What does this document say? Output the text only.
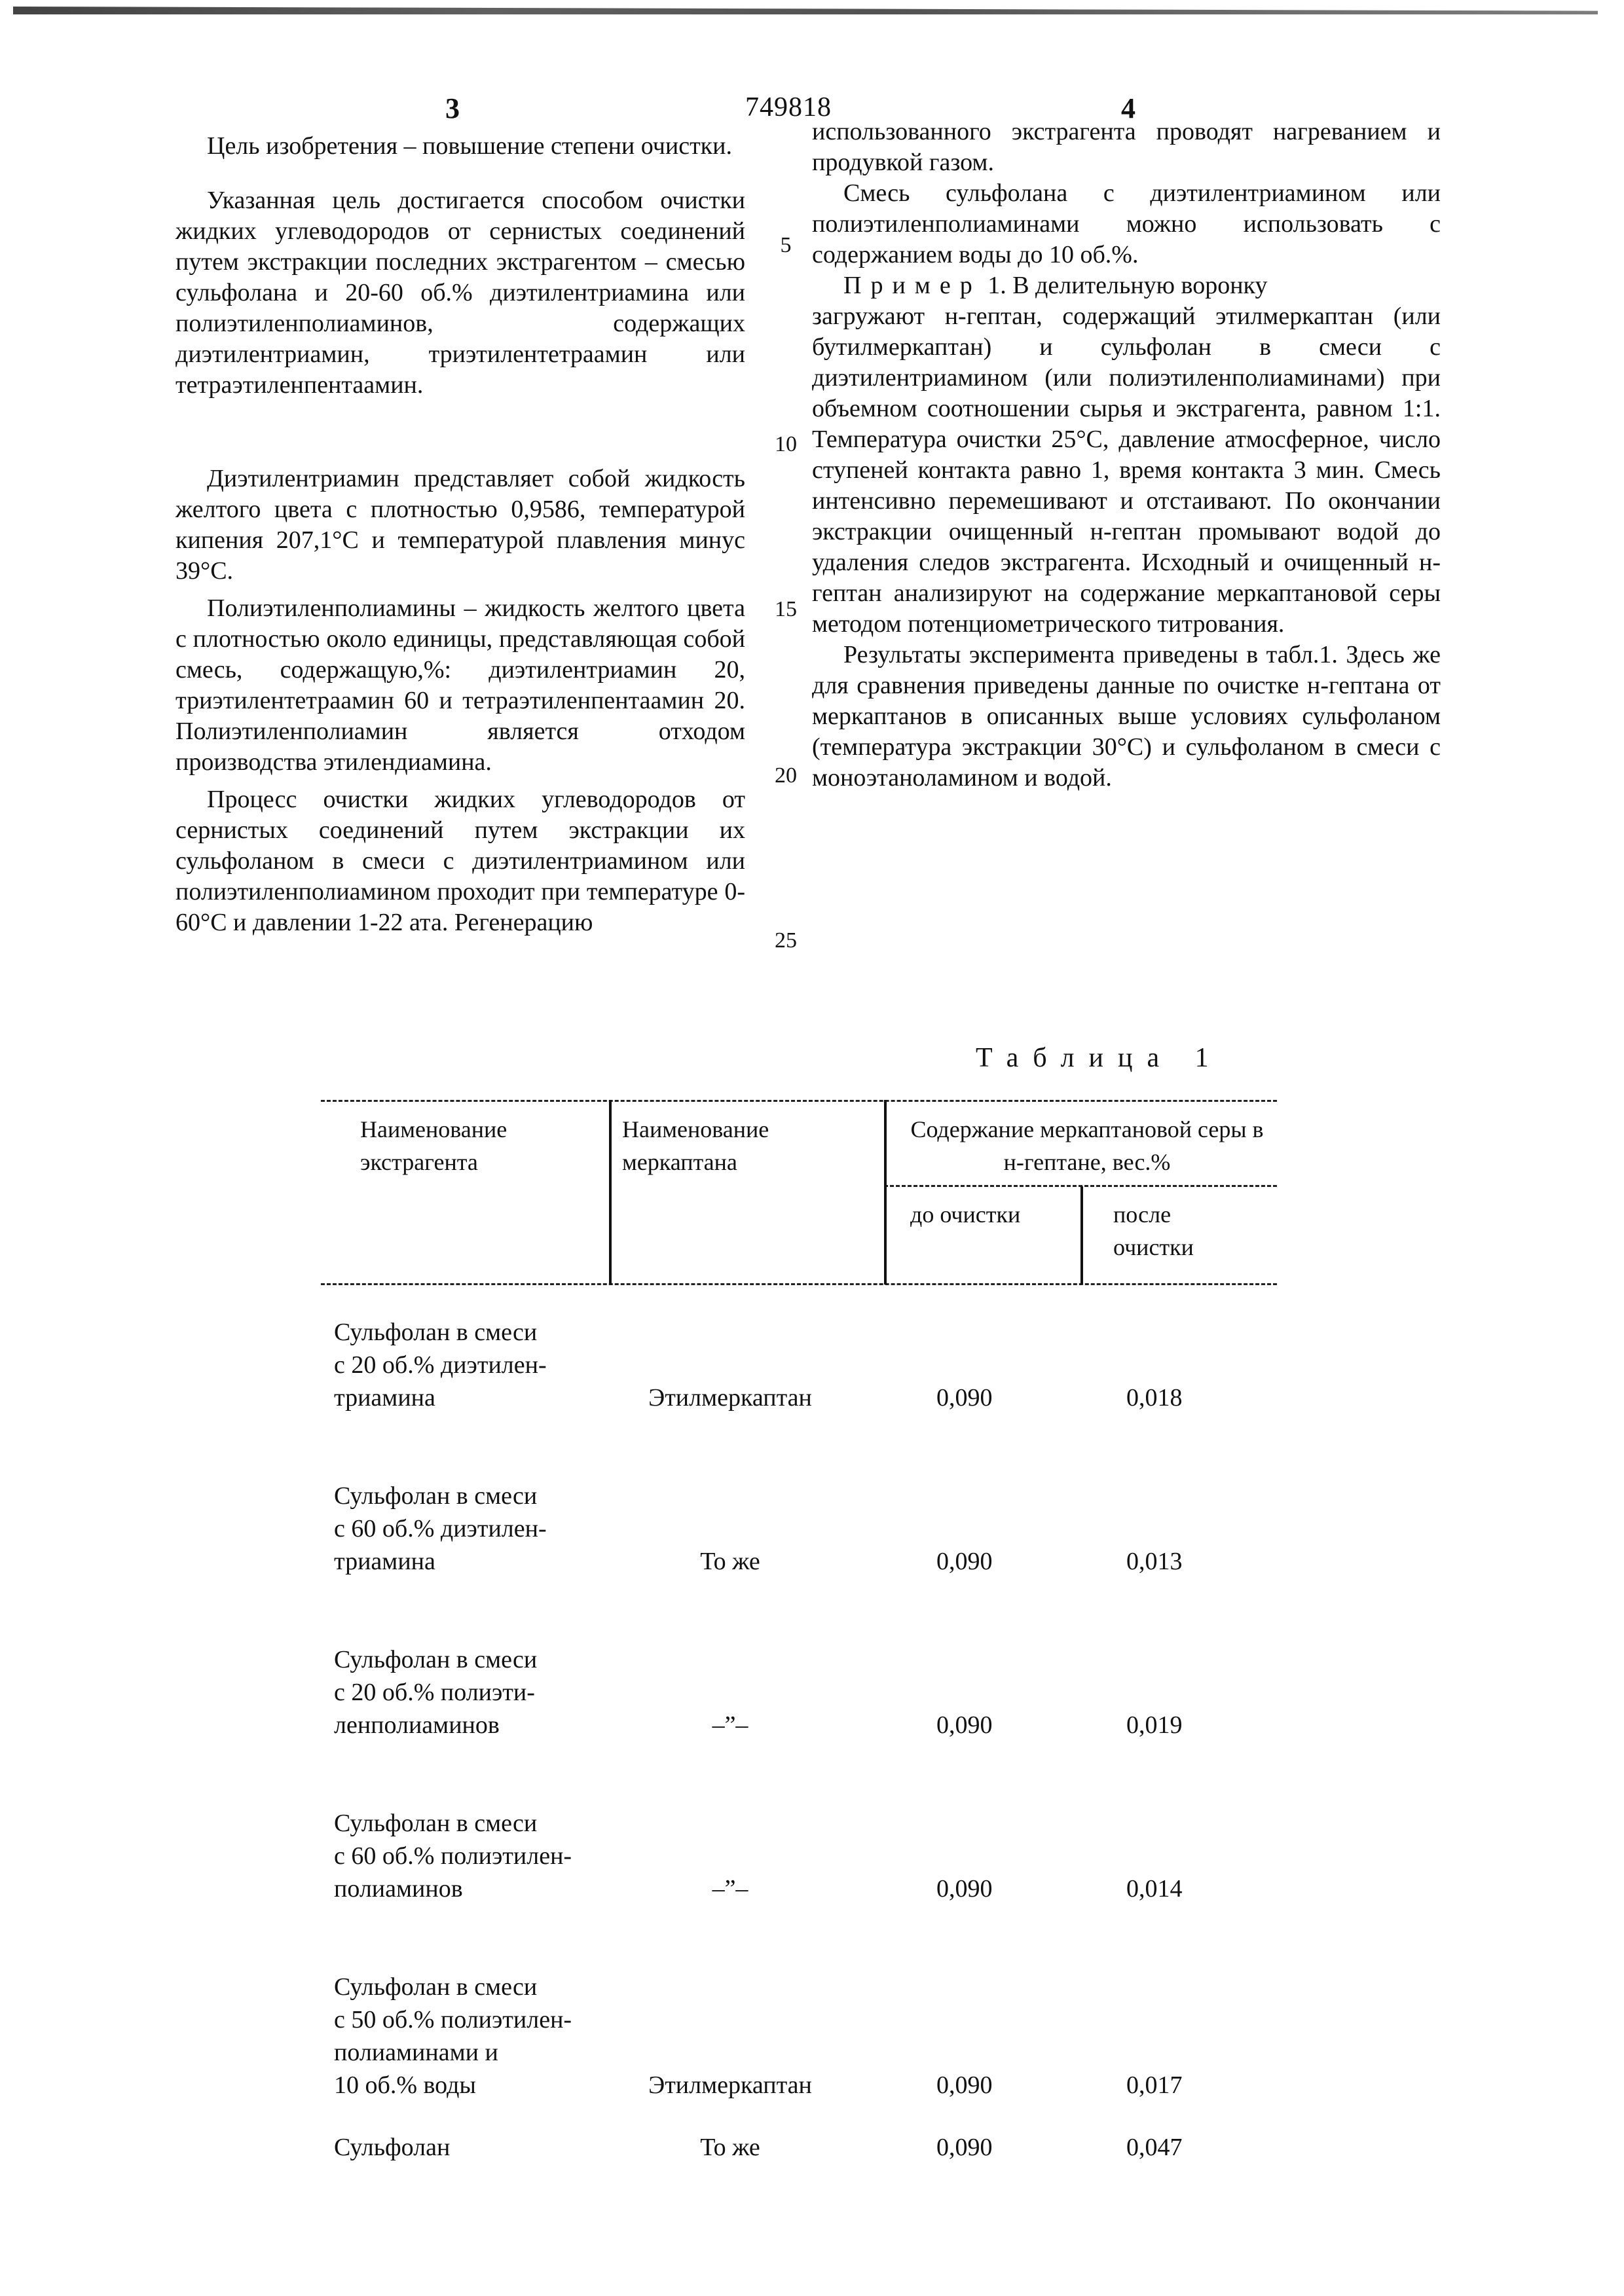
3	749818	4

Цель изобретения – повышение степени очистки.

Указанная цель достигается способом очистки жидких углеводородов от сернистых соединений путем экстракции последних экстрагентом – смесью сульфолана и 20-60 об.% диэтилентриамина или полиэтиленполиаминов, содержащих диэтилентриамин, триэтилентетраамин или тетраэтиленпентаамин.

Диэтилентриамин представляет собой жидкость желтого цвета с плотностью 0,9586, температурой кипения 207,1°С и температурой плавления минус 39°С.

Полиэтиленполиамины – жидкость желтого цвета с плотностью около единицы, представляющая собой смесь, содержащую,%: диэтилентриамин 20, триэтилентетраамин 60 и тетраэтиленпентаамин 20. Полиэтиленполиамин является отходом производства этилендиамина.

Процесс очистки жидких углеводородов от сернистых соединений путем экстракции их сульфоланом в смеси с диэтилентриамином или полиэтиленполиамином проходит при температуре 0-60°С и давлении 1-22 ата. Регенерацию

5
10
15
20
25

использованного экстрагента проводят нагреванием и продувкой газом.

Смесь сульфолана с диэтилентриамином или полиэтиленполиаминами можно использовать с содержанием воды до 10 об.%.

Пример 1. В делительную воронку

загружают н-гептан, содержащий этилмеркаптан (или бутилмеркаптан) и сульфолан в смеси с диэтилентриамином (или полиэтиленполиаминами) при объемном соотношении сырья и экстрагента, равном 1:1. Температура очистки 25°С, давление атмосферное, число ступеней контакта равно 1, время контакта 3 мин. Смесь интенсивно перемешивают и отстаивают. По окончании экстракции очищенный н-гептан промывают водой до удаления следов экстрагента. Исходный и очищенный н-гептан анализируют на содержание меркаптановой серы методом потенциометрического титрования.

Результаты эксперимента приведены в табл.1. Здесь же для сравнения приведены данные по очистке н-гептана от меркаптанов в описанных выше условиях сульфоланом (температура экстракции 30°С) и сульфоланом в смеси с моноэтаноламином и водой.

Таблица 1
Наименование экстрагента
Наименование меркаптана
Содержание меркаптановой серы в н-гептане, вес.%
до очистки	после очистки
Сульфолан в смеси
с 20 об.% диэтилен-
триамина	Этилмеркаптан	0,090	0,018
Сульфолан в смеси
с 60 об.% диэтилен-
триамина	То же	0,090	0,013
Сульфолан в смеси
с 20 об.% полиэти-
ленполиаминов	–”–	0,090	0,019
Сульфолан в смеси
с 60 об.% полиэтилен-
полиаминов	–”–	0,090	0,014
Сульфолан в смеси
с 50 об.% полиэтилен-
полиаминами и
10 об.% воды	Этилмеркаптан	0,090	0,017
Сульфолан	То же	0,090	0,047
